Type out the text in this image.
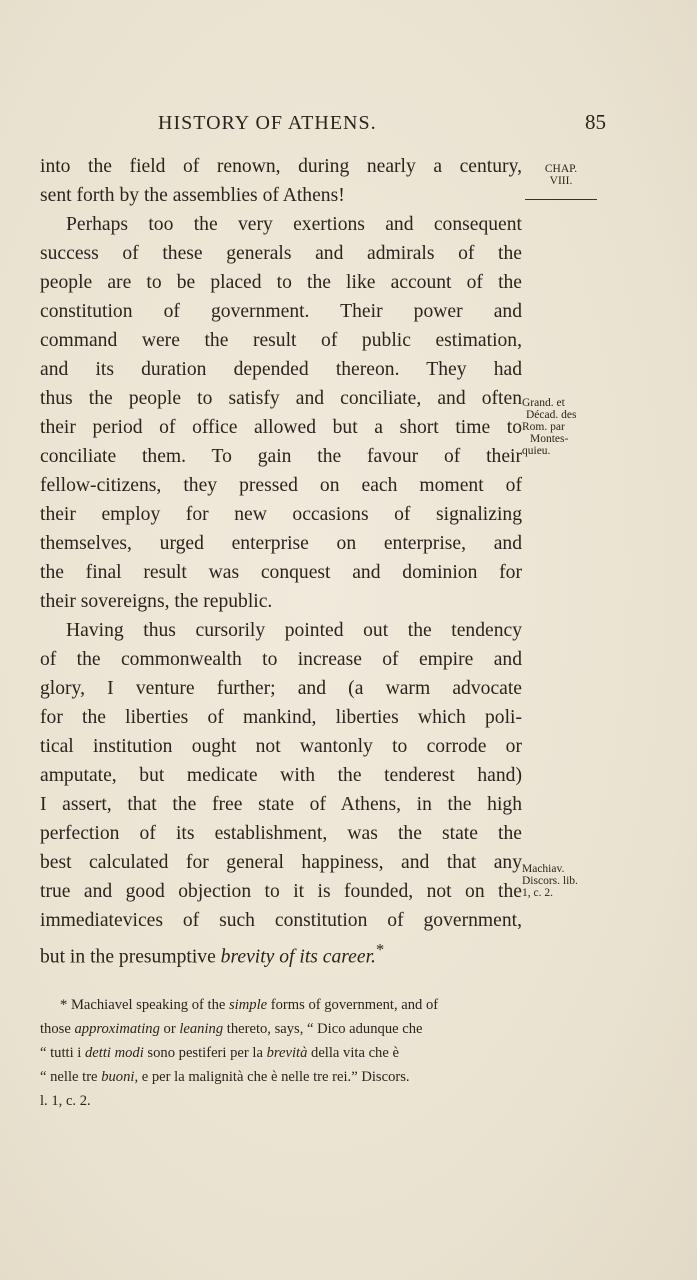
HISTORY OF ATHENS.	85
CHAP.
VIII.
Grand. et
Décad. des
Rom. par
Montes-
quieu.
Machiav.
Discors. lib.
1, c. 2.
into the field of renown, during nearly a century,
sent forth by the assemblies of Athens!
Perhaps too the very exertions and consequent
success of these generals and admirals of the
people are to be placed to the like account of the
constitution of government. Their power and
command were the result of public estimation,
and its duration depended thereon. They had
thus the people to satisfy and conciliate, and often
their period of office allowed but a short time to
conciliate them. To gain the favour of their
fellow-citizens, they pressed on each moment of
their employ for new occasions of signalizing
themselves, urged enterprise on enterprise, and
the final result was conquest and dominion for
their sovereigns, the republic.
Having thus cursorily pointed out the tendency
of the commonwealth to increase of empire and
glory, I venture further; and (a warm advocate
for the liberties of mankind, liberties which poli-
tical institution ought not wantonly to corrode or
amputate, but medicate with the tenderest hand)
I assert, that the free state of Athens, in the high
perfection of its establishment, was the state the
best calculated for general happiness, and that any
true and good objection to it is founded, not on the
immediatevices of such constitution of government,
but in the presumptive brevity of its career.*
* Machiavel speaking of the simple forms of government, and of
those approximating or leaning thereto, says, “ Dico adunque che
“ tutti i detti modi sono pestiferi per la brevità della vita che è
“ nelle tre buoni, e per la malignità che è nelle tre rei.” Discors.
l. 1, c. 2.
